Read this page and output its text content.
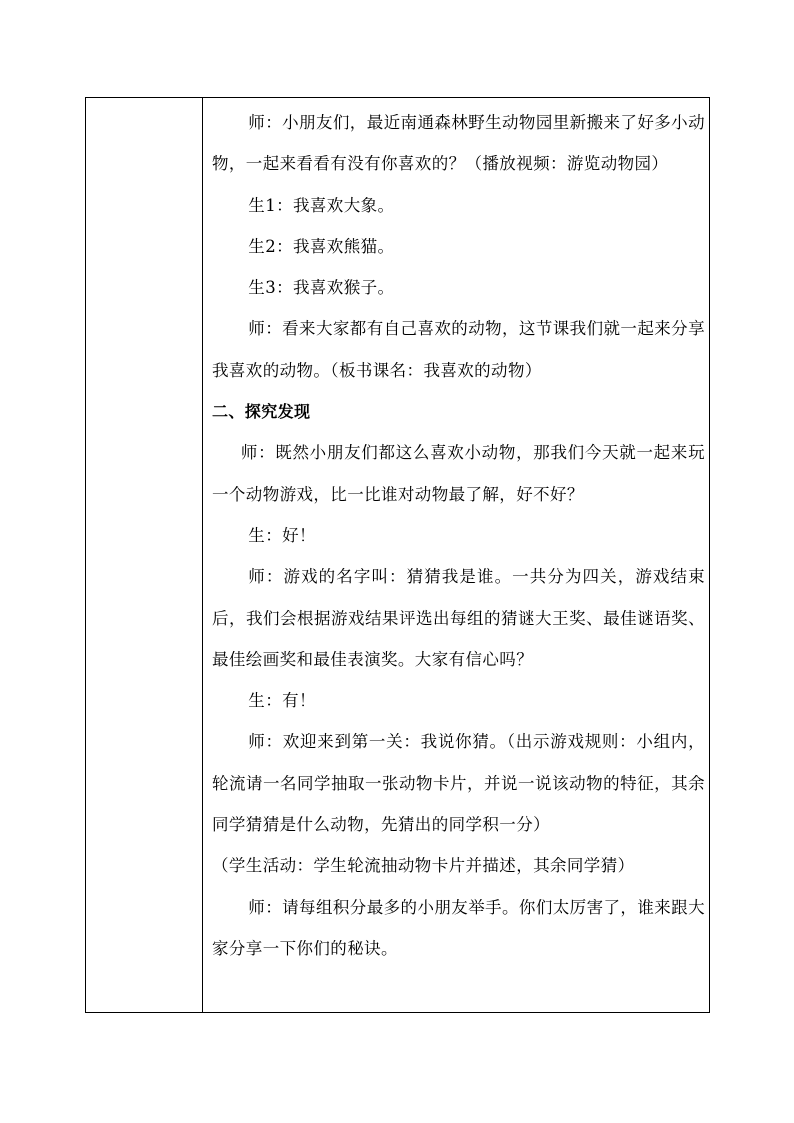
师：小朋友们，最近南通森林野生动物园里新搬来了好多小动物，一起来看看有没有你喜欢的？（播放视频：游览动物园）

生1：我喜欢大象。

生2：我喜欢熊猫。

生3：我喜欢猴子。

师：看来大家都有自己喜欢的动物，这节课我们就一起来分享我喜欢的动物。（板书课名：我喜欢的动物）

二、探究发现

师：既然小朋友们都这么喜欢小动物，那我们今天就一起来玩一个动物游戏，比一比谁对动物最了解，好不好？

生：好！

师：游戏的名字叫：猜猜我是谁。一共分为四关，游戏结束后，我们会根据游戏结果评选出每组的猜谜大王奖、最佳谜语奖、最佳绘画奖和最佳表演奖。大家有信心吗？

生：有！

师：欢迎来到第一关：我说你猜。（出示游戏规则：小组内，轮流请一名同学抽取一张动物卡片，并说一说该动物的特征，其余同学猜猜是什么动物，先猜出的同学积一分）

（学生活动：学生轮流抽动物卡片并描述，其余同学猜）

师：请每组积分最多的小朋友举手。你们太厉害了，谁来跟大家分享一下你们的秘诀。
